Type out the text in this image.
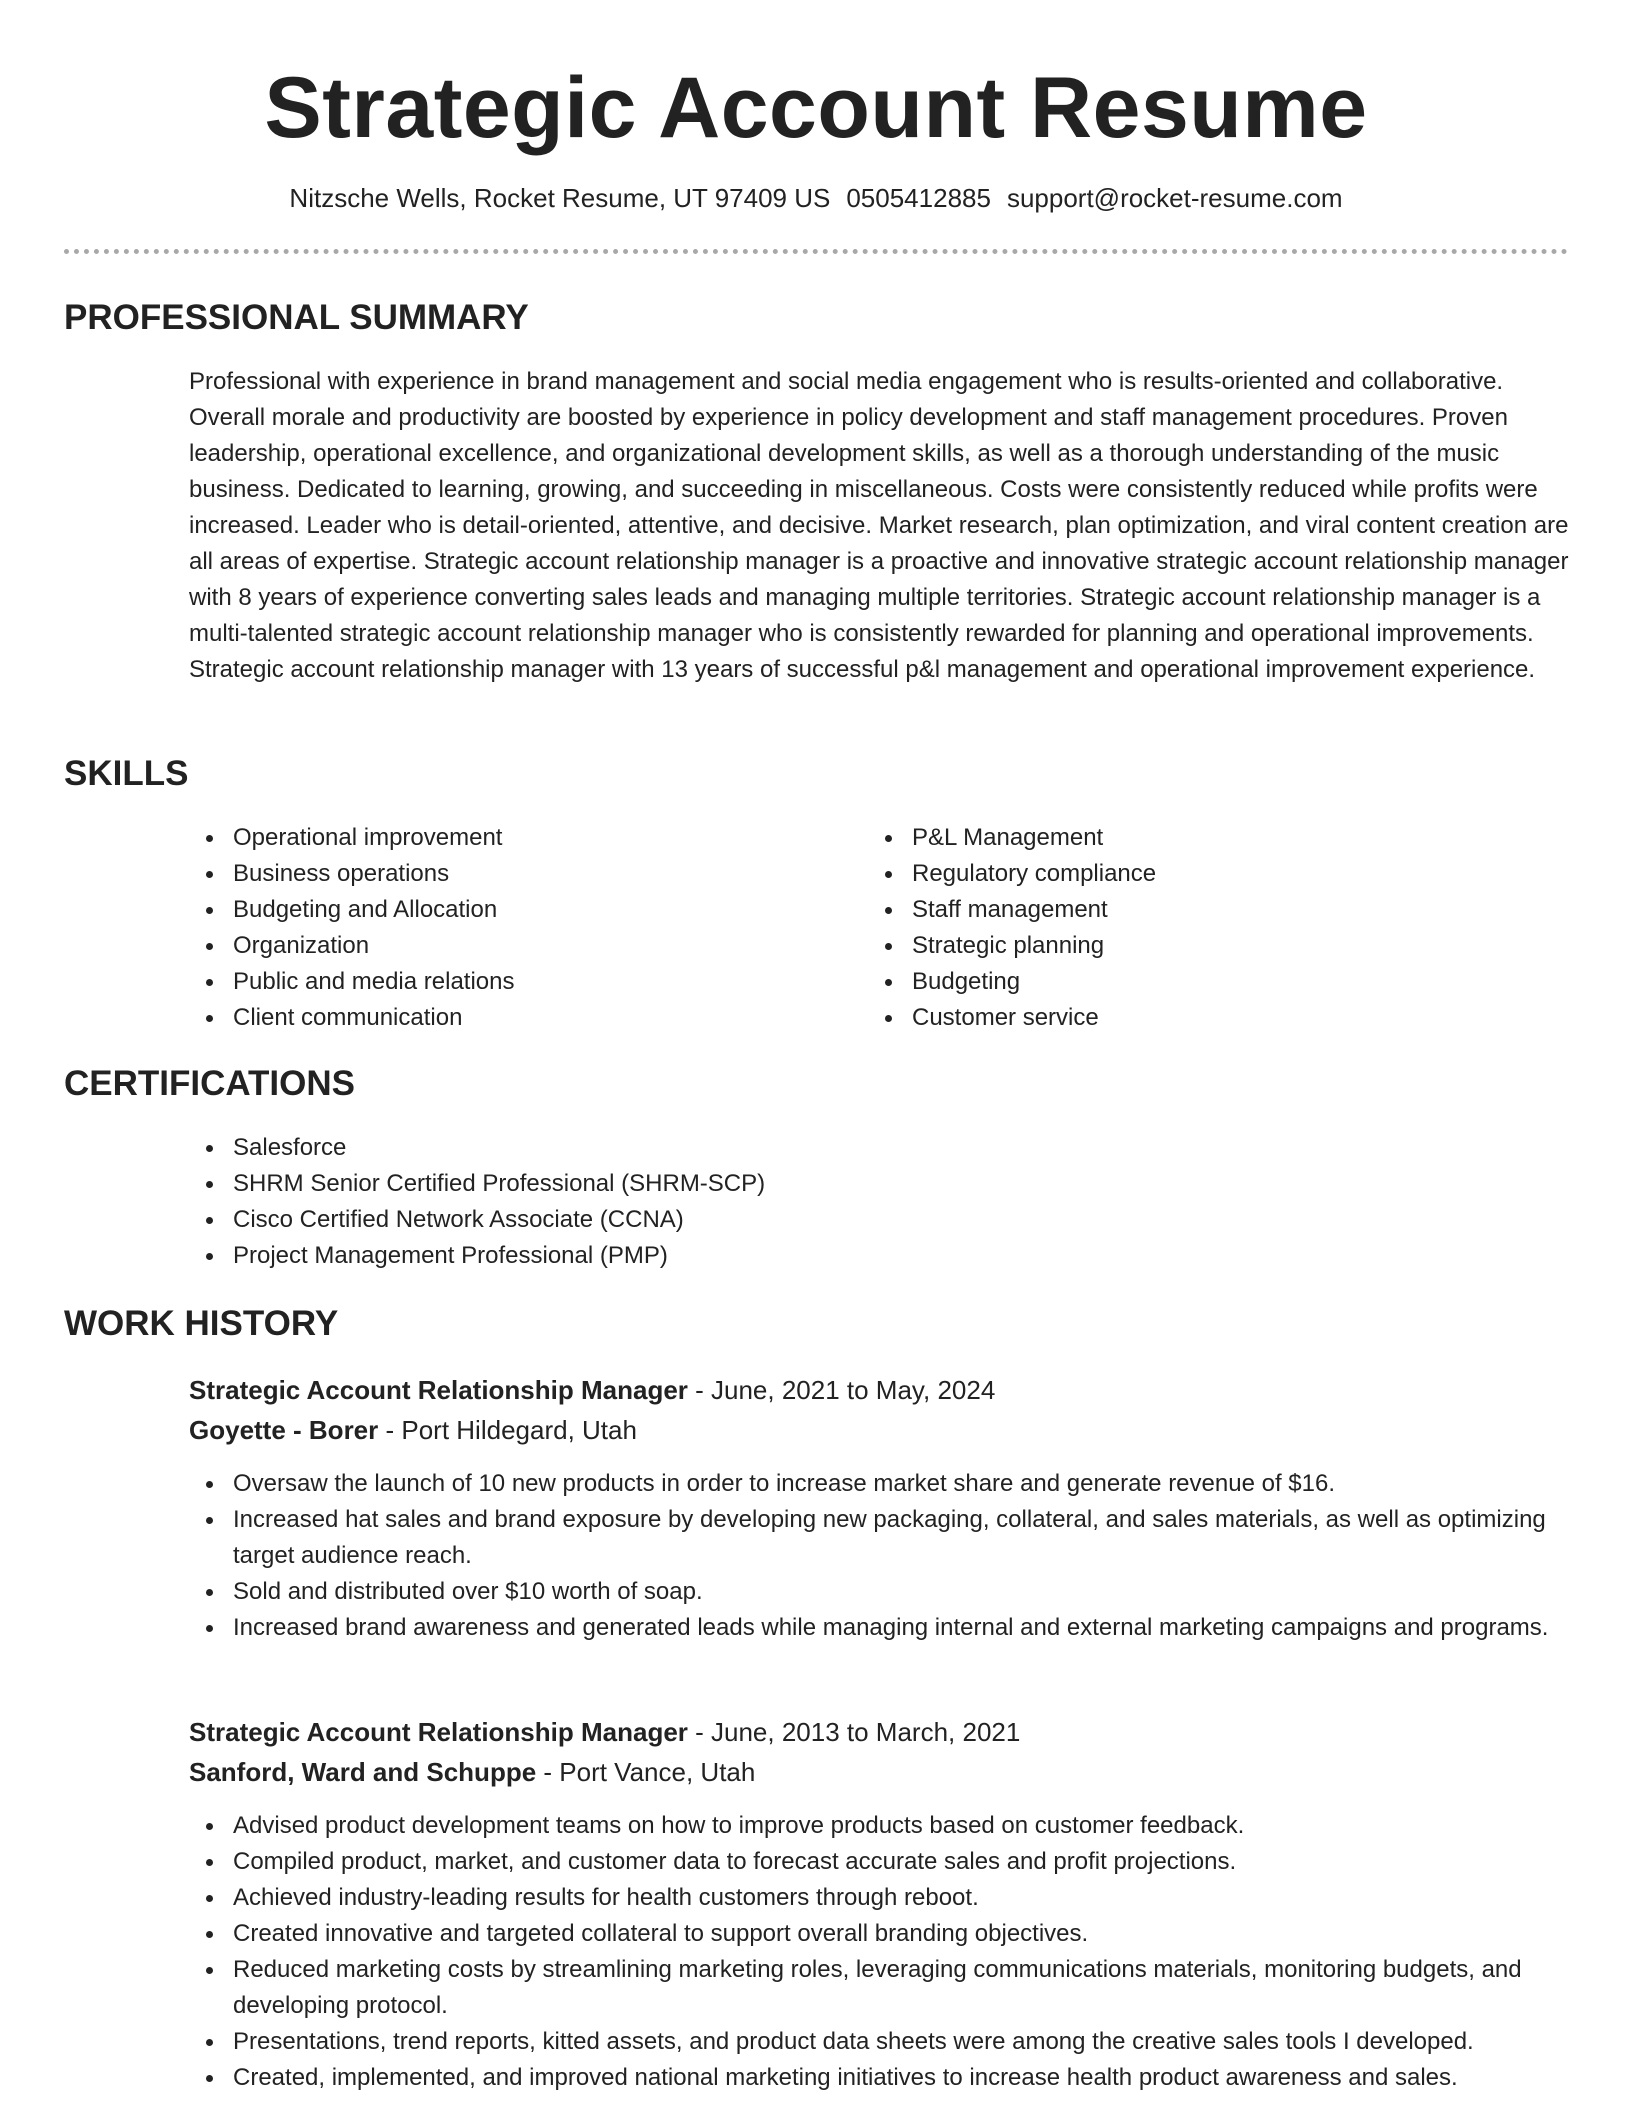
Strategic Account Resume
Nitzsche Wells, Rocket Resume, UT 97409 US 0505412885 support@rocket-resume.com
PROFESSIONAL SUMMARY

Professional with experience in brand management and social media engagement who is results-oriented and collaborative. Overall morale and productivity are boosted by experience in policy development and staff management procedures. Proven leadership, operational excellence, and organizational development skills, as well as a thorough understanding of the music business. Dedicated to learning, growing, and succeeding in miscellaneous. Costs were consistently reduced while profits were increased. Leader who is detail-oriented, attentive, and decisive. Market research, plan optimization, and viral content creation are all areas of expertise. Strategic account relationship manager is a proactive and innovative strategic account relationship manager with 8 years of experience converting sales leads and managing multiple territories. Strategic account relationship manager is a multi-talented strategic account relationship manager who is consistently rewarded for planning and operational improvements. Strategic account relationship manager with 13 years of successful p&l management and operational improvement experience.

SKILLS
Operational improvement
Business operations
Budgeting and Allocation
Organization
Public and media relations
Client communication
P&L Management
Regulatory compliance
Staff management
Strategic planning
Budgeting
Customer service
CERTIFICATIONS
Salesforce
SHRM Senior Certified Professional (SHRM-SCP)
Cisco Certified Network Associate (CCNA)
Project Management Professional (PMP)
WORK HISTORY
Strategic Account Relationship Manager - June, 2021 to May, 2024
Goyette - Borer - Port Hildegard, Utah
Oversaw the launch of 10 new products in order to increase market share and generate revenue of $16.
Increased hat sales and brand exposure by developing new packaging, collateral, and sales materials, as well as optimizing target audience reach.
Sold and distributed over $10 worth of soap.
Increased brand awareness and generated leads while managing internal and external marketing campaigns and programs.
Strategic Account Relationship Manager - June, 2013 to March, 2021
Sanford, Ward and Schuppe - Port Vance, Utah
Advised product development teams on how to improve products based on customer feedback.
Compiled product, market, and customer data to forecast accurate sales and profit projections.
Achieved industry-leading results for health customers through reboot.
Created innovative and targeted collateral to support overall branding objectives.
Reduced marketing costs by streamlining marketing roles, leveraging communications materials, monitoring budgets, and developing protocol.
Presentations, trend reports, kitted assets, and product data sheets were among the creative sales tools I developed.
Created, implemented, and improved national marketing initiatives to increase health product awareness and sales.
